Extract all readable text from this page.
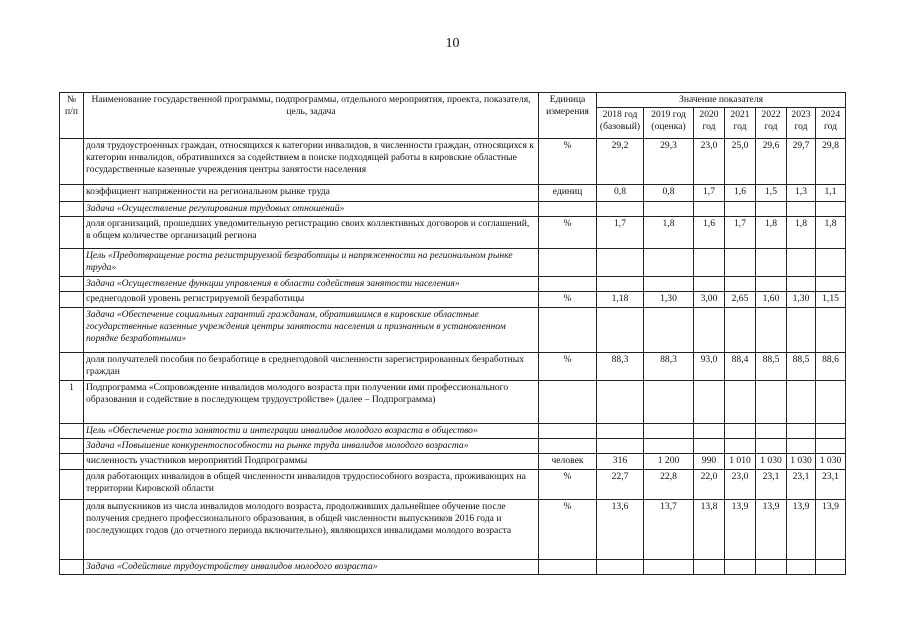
10
№ п/п	Наименование государственной программы, подпрограммы, отдельного мероприятия, проекта, показателя, цель, задача	Единица измерения	Значение показателя						
			2018 год (базовый)	2019 год (оценка)	2020 год	2021 год	2022 год	2023 год	2024 год
	доля трудоустроенных граждан, относящихся к категории инвалидов, в численности граждан, относящихся к категории инвалидов, обратившихся за содействием в поиске подходящей работы в кировские областные государственные казенные учреждения центры занятости населения	%	29,2	29,3	23,0	25,0	29,6	29,7	29,8
	коэффициент напряженности на региональном рынке труда	единиц	0,8	0,8	1,7	1,6	1,5	1,3	1,1
	Задача «Осуществление регулирования трудовых отношений»								
	доля организаций, прошедших уведомительную регистрацию своих коллективных договоров и соглашений, в общем количестве организаций региона	%	1,7	1,8	1,6	1,7	1,8	1,8	1,8
	Цель «Предотвращение роста регистрируемой безработицы и напряженности на региональном рынке труда»								
	Задача «Осуществление функции управления в области содействия занятости населения»								
	среднегодовой уровень регистрируемой безработицы	%	1,18	1,30	3,00	2,65	1,60	1,30	1,15
	Задача «Обеспечение социальных гарантий гражданам, обратившимся в кировские областные государственные казенные учреждения центры занятости населения и признанным в установленном порядке безработными»								
	доля получателей пособия по безработице в среднегодовой численности зарегистрированных безработных граждан	%	88,3	88,3	93,0	88,4	88,5	88,5	88,6
1	Подпрограмма «Сопровождение инвалидов молодого возраста при получении ими профессионального образования и содействие в последующем трудоустройстве» (далее – Подпрограмма)								
	Цель «Обеспечение роста занятости и интеграции инвалидов молодого возраста в общество»								
	Задача «Повышение конкурентоспособности на рынке труда инвалидов молодого возраста»								
	численность участников мероприятий Подпрограммы	человек	316	1 200	990	1 010	1 030	1 030	1 030
	доля работающих инвалидов в общей численности инвалидов трудоспособного возраста, проживающих на территории Кировской области	%	22,7	22,8	22,0	23,0	23,1	23,1	23,1
	доля выпускников из числа инвалидов молодого возраста, продолживших дальнейшее обучение после получения среднего профессионального образования, в общей численности выпускников 2016 года и последующих годов (до отчетного периода включительно), являющихся инвалидами молодого возраста	%	13,6	13,7	13,8	13,9	13,9	13,9	13,9
	Задача «Содействие трудоустройству инвалидов молодого возраста»								
